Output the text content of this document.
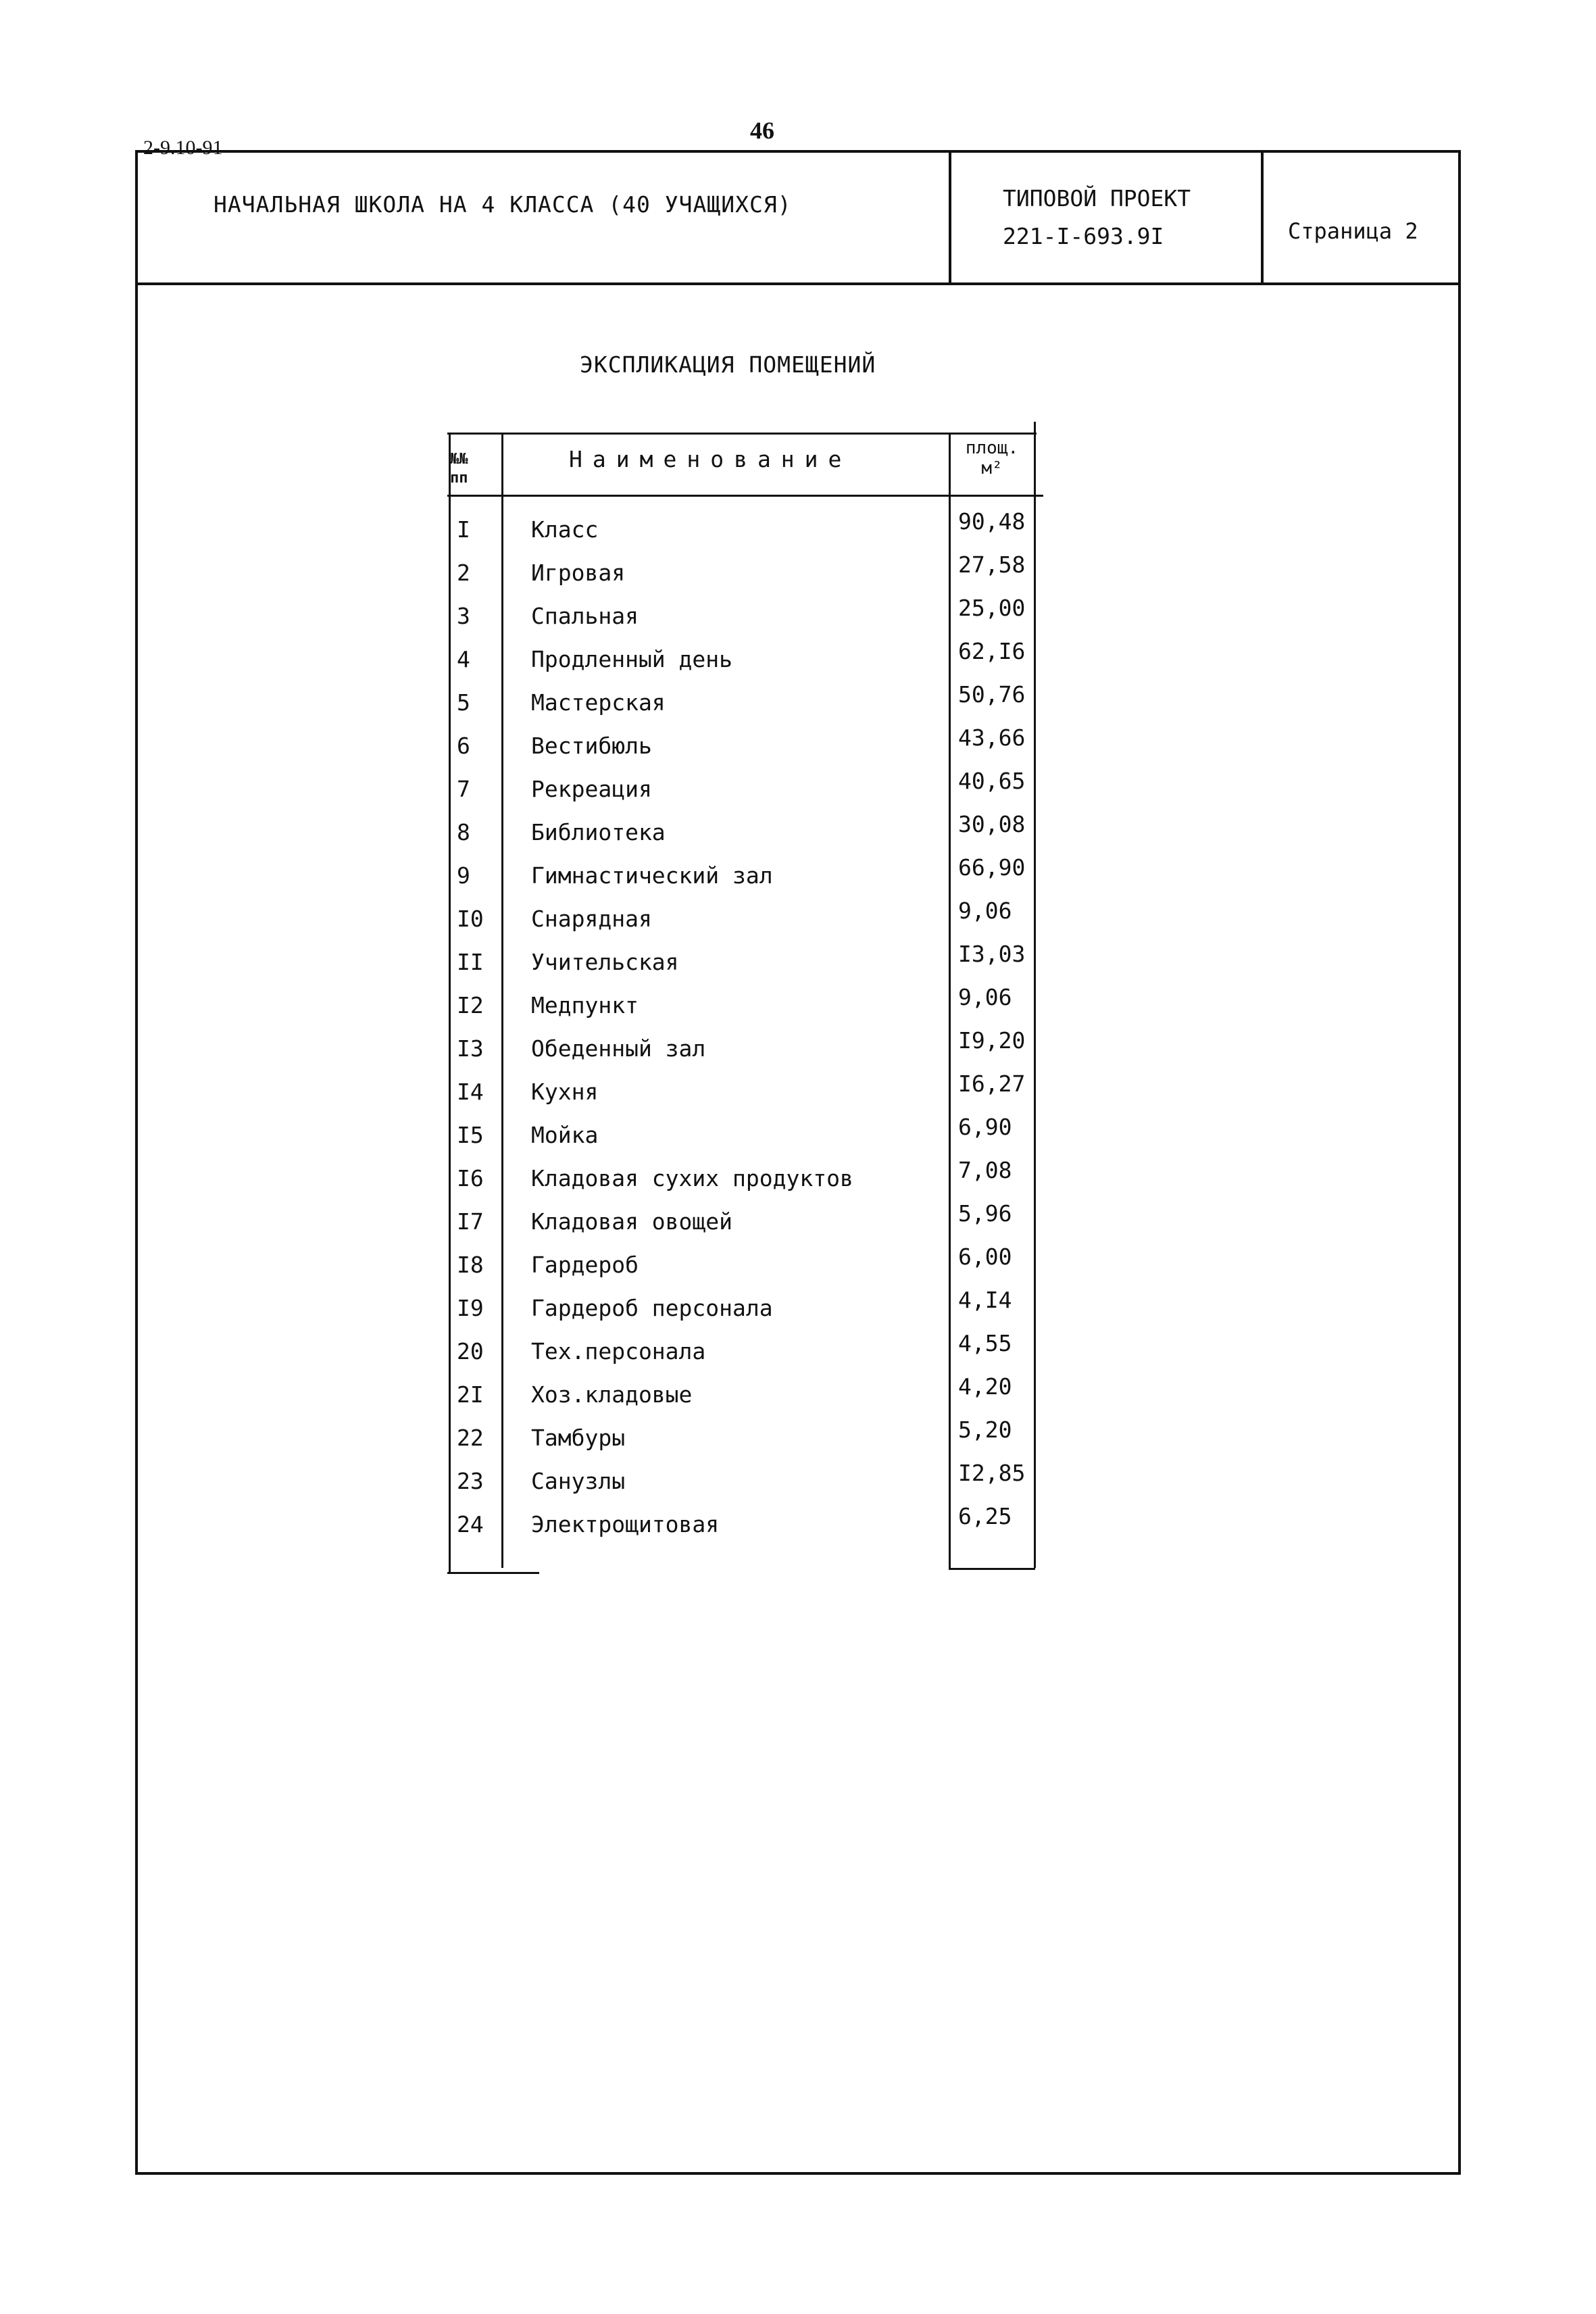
2-9.10-91
46
НАЧАЛЬНАЯ ШКОЛА НА 4 КЛАССА (40 УЧАЩИХСЯ)	ТИПОВОЙ ПРОЕКТ
221-I-693.9I	Страница 2
ЭКСПЛИКАЦИЯ ПОМЕЩЕНИЙ
№№
пп
Наименование	площ.
м²
I	Класс	90,48
2	Игровая	27,58
3	Спальная	25,00
4	Продленный день	62,I6
5	Мастерская	50,76
6	Вестибюль	43,66
7	Рекреация	40,65
8	Библиотека	30,08
9	Гимнастический зал	66,90
I0	Снарядная	9,06
II	Учительская	I3,03
I2	Медпункт	9,06
I3	Обеденный зал	I9,20
I4	Кухня	I6,27
I5	Мойка	6,90
I6	Кладовая сухих продуктов	7,08
I7	Кладовая овощей	5,96
I8	Гардероб	6,00
I9	Гардероб персонала	4,I4
20	Тех.персонала	4,55
2I	Хоз.кладовые	4,20
22	Тамбуры	5,20
23	Санузлы	I2,85
24	Электрощитовая	6,25
